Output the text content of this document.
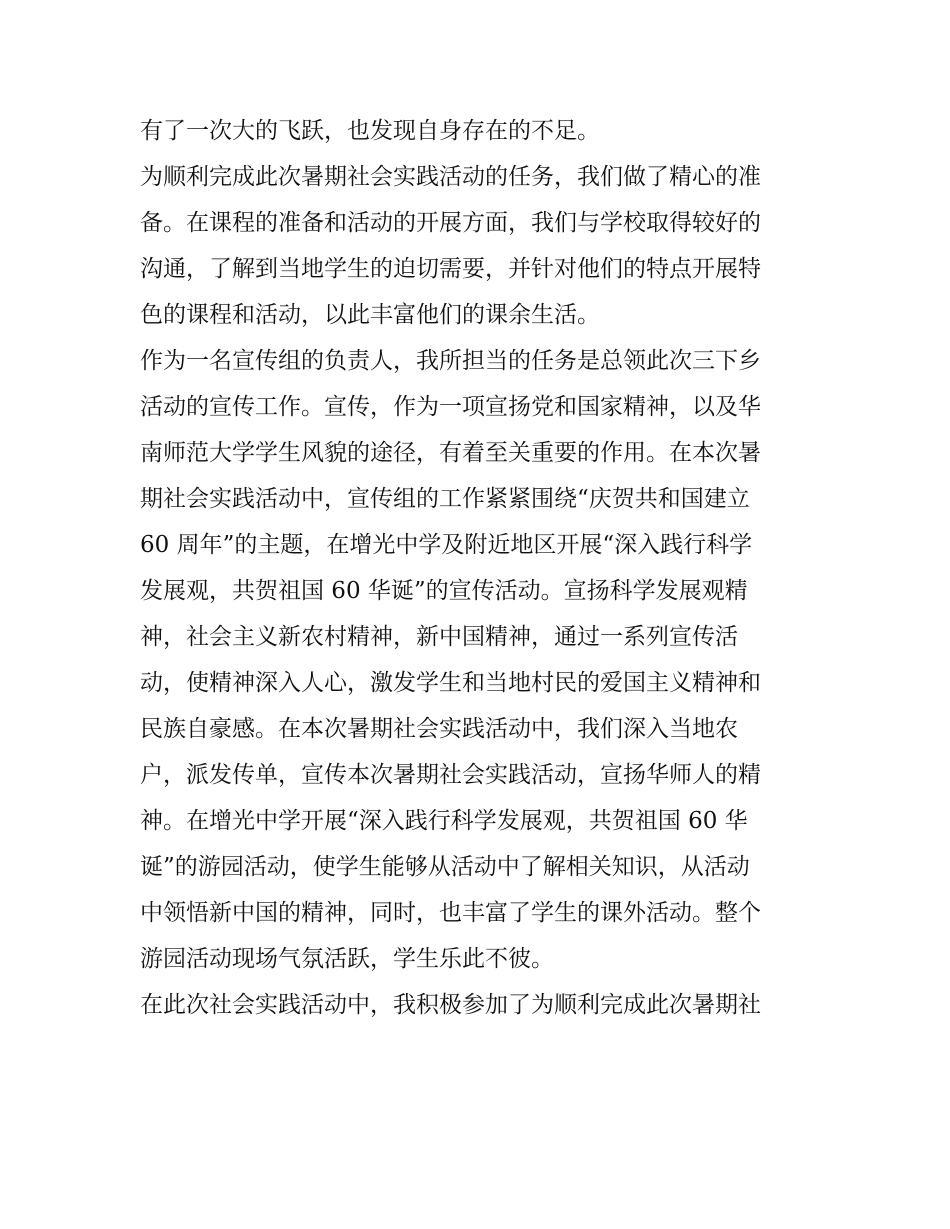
有了一次大的飞跃，也发现自身存在的不足。
为顺利完成此次暑期社会实践活动的任务，我们做了精心的准
备。在课程的准备和活动的开展方面，我们与学校取得较好的
沟通，了解到当地学生的迫切需要，并针对他们的特点开展特
色的课程和活动，以此丰富他们的课余生活。
作为一名宣传组的负责人，我所担当的任务是总领此次三下乡
活动的宣传工作。宣传，作为一项宣扬党和国家精神，以及华
南师范大学学生风貌的途径，有着至关重要的作用。在本次暑
期社会实践活动中，宣传组的工作紧紧围绕“庆贺共和国建立
60 周年”的主题，在增光中学及附近地区开展“深入践行科学
发展观，共贺祖国 60 华诞”的宣传活动。宣扬科学发展观精
神，社会主义新农村精神，新中国精神，通过一系列宣传活
动，使精神深入人心，激发学生和当地村民的爱国主义精神和
民族自豪感。在本次暑期社会实践活动中，我们深入当地农
户，派发传单，宣传本次暑期社会实践活动，宣扬华师人的精
神。在增光中学开展“深入践行科学发展观，共贺祖国 60 华
诞”的游园活动，使学生能够从活动中了解相关知识，从活动
中领悟新中国的精神，同时，也丰富了学生的课外活动。整个
游园活动现场气氛活跃，学生乐此不彼。
在此次社会实践活动中，我积极参加了为顺利完成此次暑期社
